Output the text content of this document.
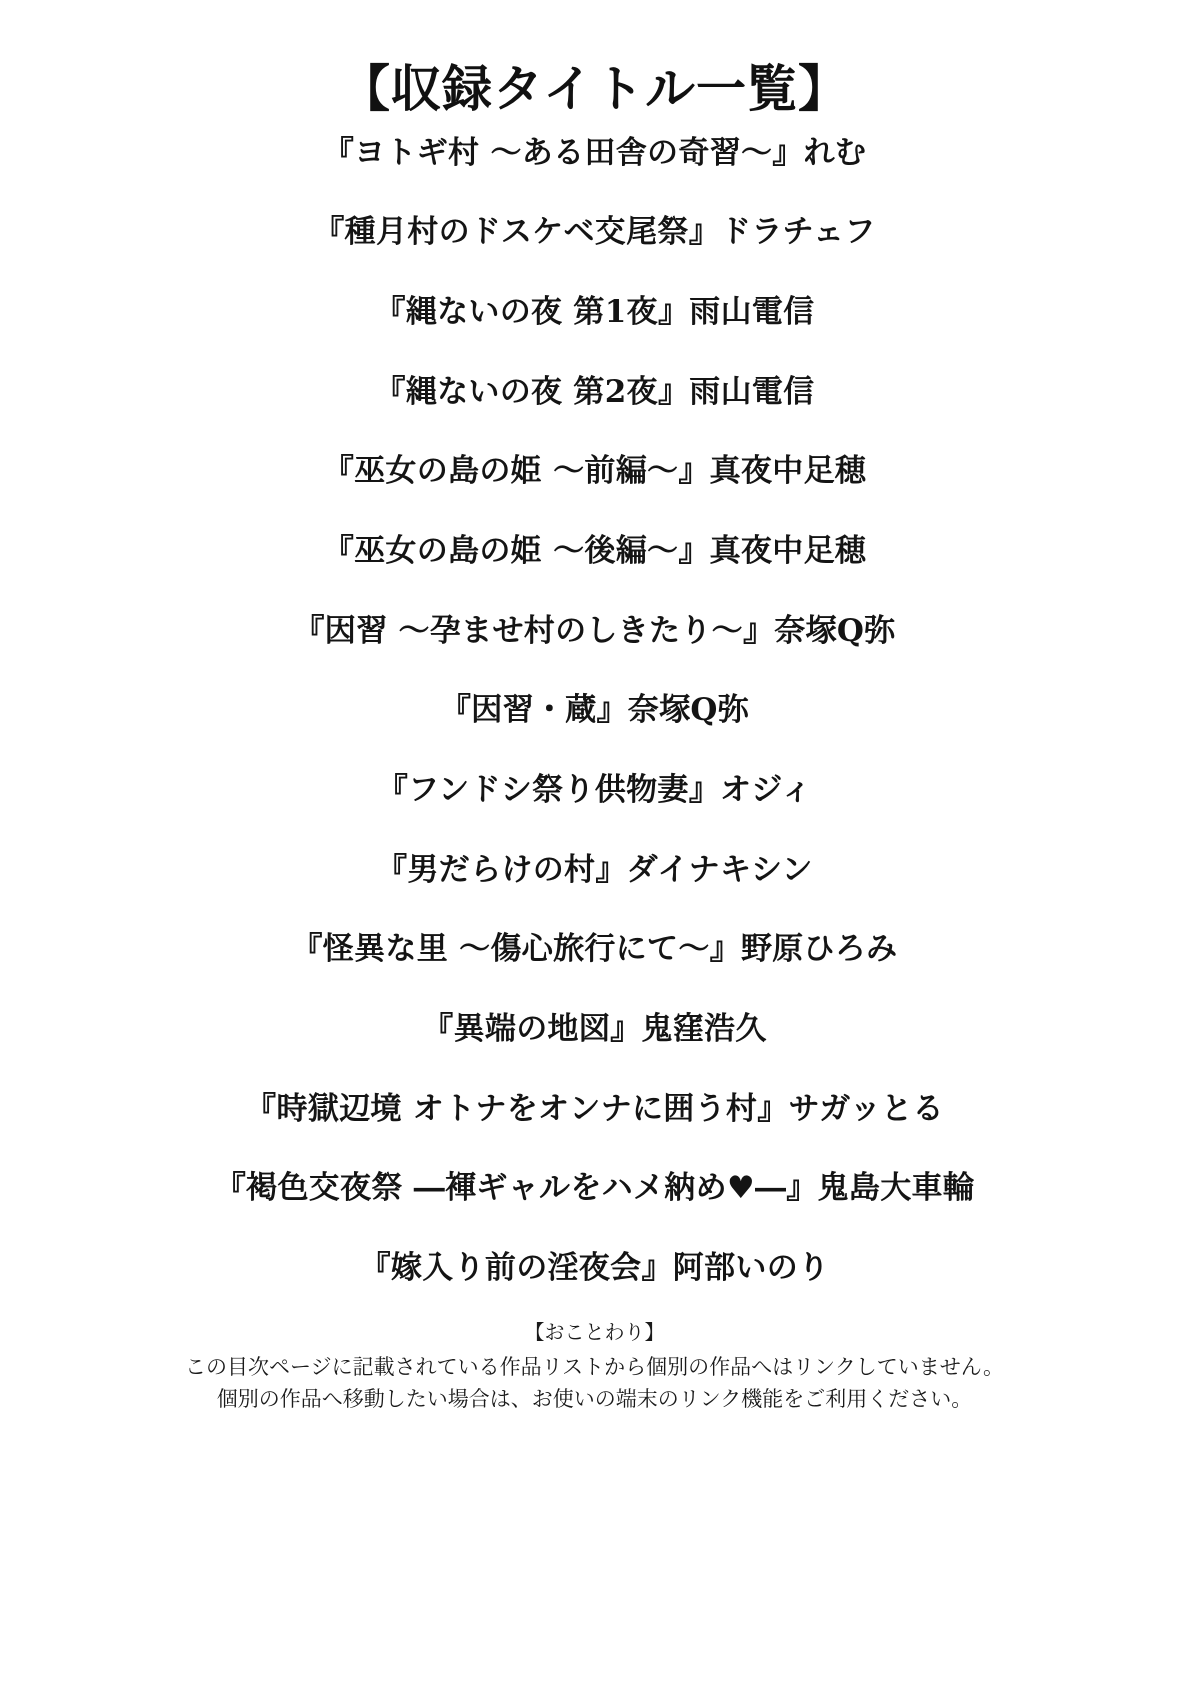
【収録タイトル一覧】
『ヨトギ村 〜ある田舎の奇習〜』れむ
『種月村のドスケベ交尾祭』ドラチェフ
『縄ないの夜 第1夜』雨山電信
『縄ないの夜 第2夜』雨山電信
『巫女の島の姫 〜前編〜』真夜中足穂
『巫女の島の姫 〜後編〜』真夜中足穂
『因習 〜孕ませ村のしきたり〜』奈塚Q弥
『因習・蔵』奈塚Q弥
『フンドシ祭り供物妻』オジィ
『男だらけの村』ダイナキシン
『怪異な里 〜傷心旅行にて〜』野原ひろみ
『異端の地図』鬼窪浩久
『時獄辺境 オトナをオンナに囲う村』サガッとる
『褐色交夜祭 ―褌ギャルをハメ納め♥―』鬼島大車輪
『嫁入り前の淫夜会』阿部いのり
【おことわり】
この目次ページに記載されている作品リストから個別の作品へはリンクしていません。
個別の作品へ移動したい場合は、お使いの端末のリンク機能をご利用ください。
